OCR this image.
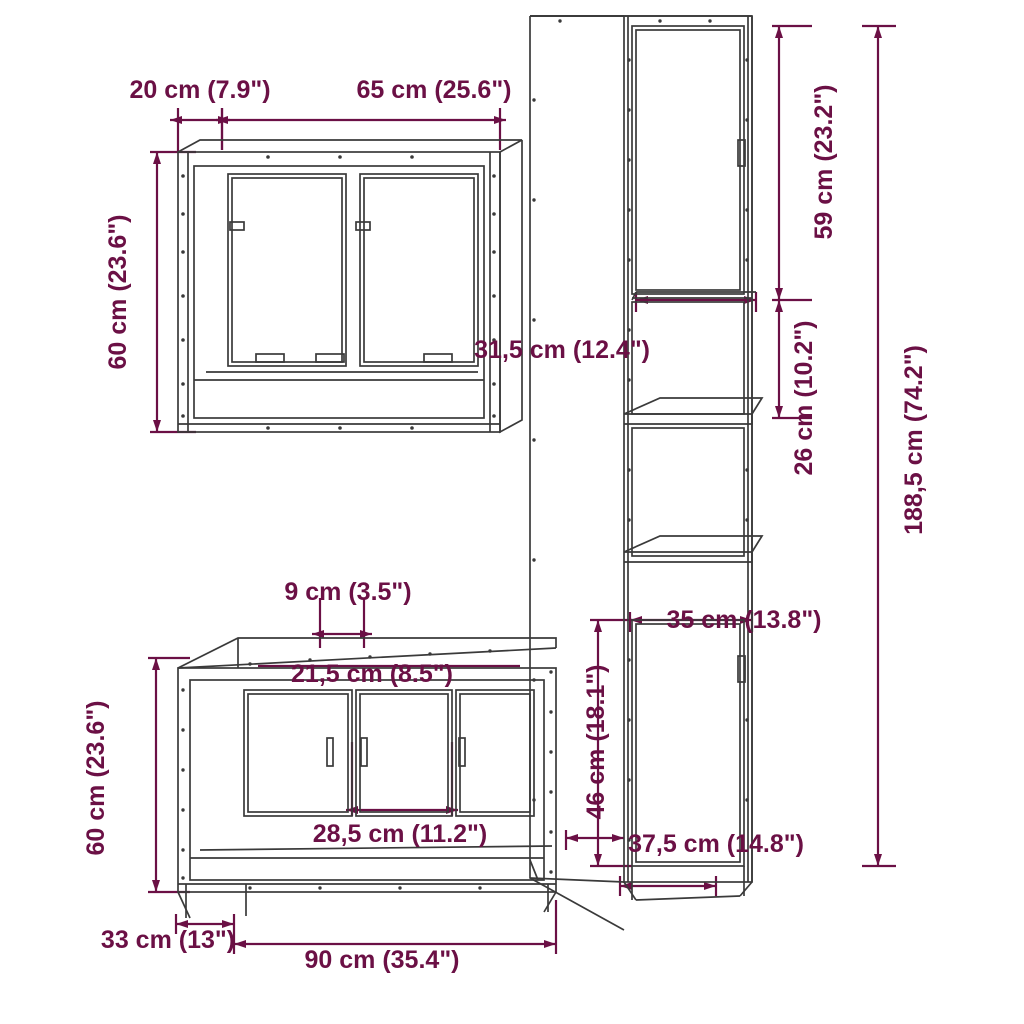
20 cm (7.9")	65 cm (25.6")
60 cm (23.6")
59 cm (23.2")
26 cm (10.2")
31,5 cm (12.4")	188,5 cm (74.2")
46 cm (18.1")
35 cm (13.8")
37,5 cm (14.8")
9 cm (3.5")
21,5 cm (8.5")
28,5 cm (11.2")
60 cm (23.6")
33 cm (13")
90 cm (35.4")
